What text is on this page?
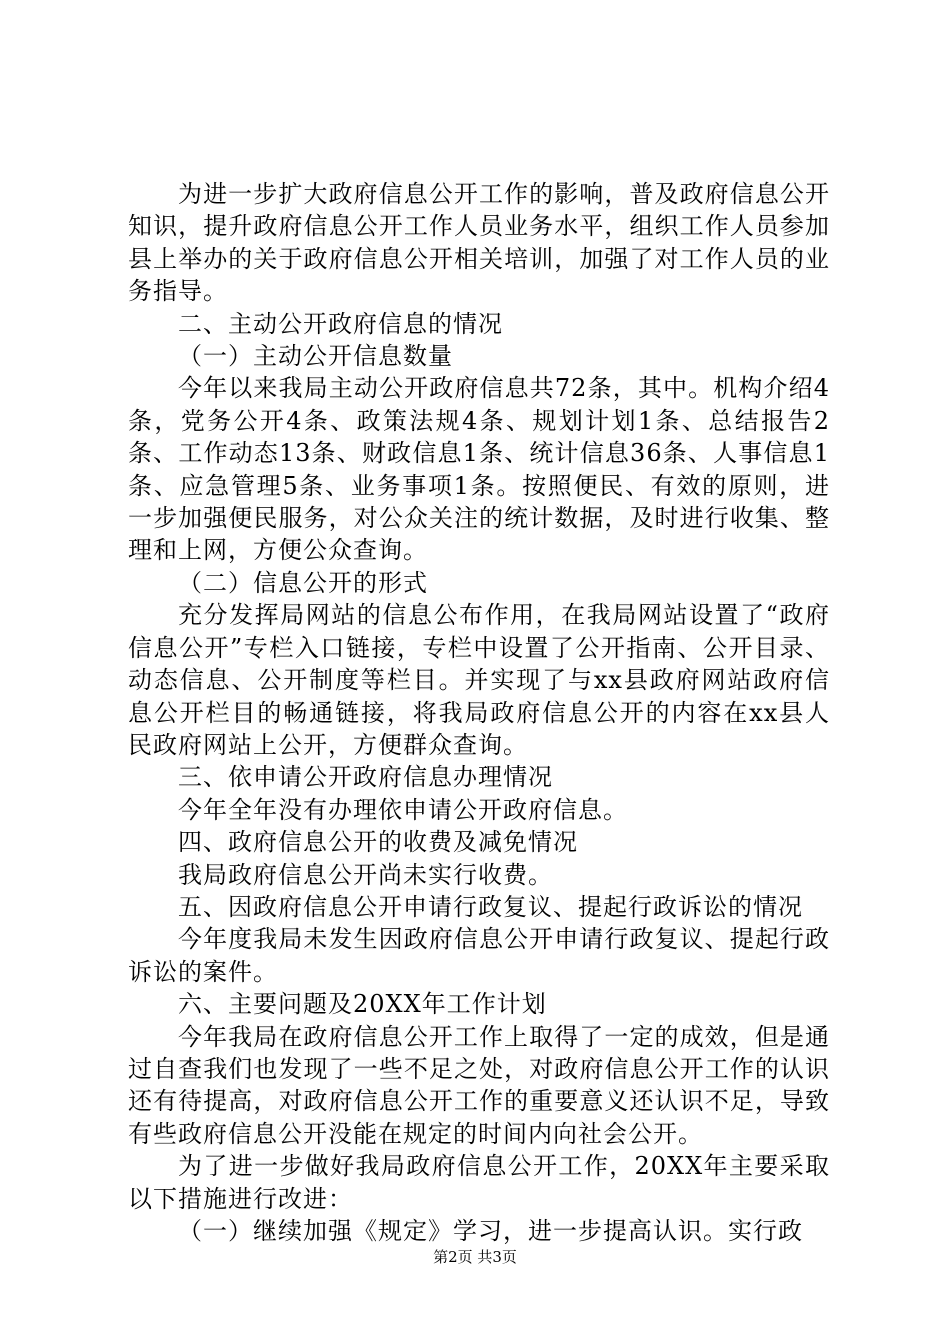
为进一步扩大政府信息公开工作的影响，普及政府信息公开知识，提升政府信息公开工作人员业务水平，组织工作人员参加县上举办的关于政府信息公开相关培训，加强了对工作人员的业务指导。

二、主动公开政府信息的情况

（一）主动公开信息数量

今年以来我局主动公开政府信息共72条，其中。机构介绍4条，党务公开4条、政策法规4条、规划计划1条、总结报告2条、工作动态13条、财政信息1条、统计信息36条、人事信息1条、应急管理5条、业务事项1条。按照便民、有效的原则，进一步加强便民服务，对公众关注的统计数据，及时进行收集、整理和上网，方便公众查询。

（二）信息公开的形式

充分发挥局网站的信息公布作用，在我局网站设置了“政府信息公开”专栏入口链接，专栏中设置了公开指南、公开目录、动态信息、公开制度等栏目。并实现了与xx县政府网站政府信息公开栏目的畅通链接，将我局政府信息公开的内容在xx县人民政府网站上公开，方便群众查询。

三、依申请公开政府信息办理情况

今年全年没有办理依申请公开政府信息。

四、政府信息公开的收费及减免情况

我局政府信息公开尚未实行收费。

五、因政府信息公开申请行政复议、提起行政诉讼的情况

今年度我局未发生因政府信息公开申请行政复议、提起行政诉讼的案件。

六、主要问题及20XX年工作计划

今年我局在政府信息公开工作上取得了一定的成效，但是通过自查我们也发现了一些不足之处，对政府信息公开工作的认识还有待提高，对政府信息公开工作的重要意义还认识不足，导致有些政府信息公开没能在规定的时间内向社会公开。

为了进一步做好我局政府信息公开工作，20XX年主要采取以下措施进行改进：

（一）继续加强《规定》学习，进一步提高认识。实行政

第2页 共3页
